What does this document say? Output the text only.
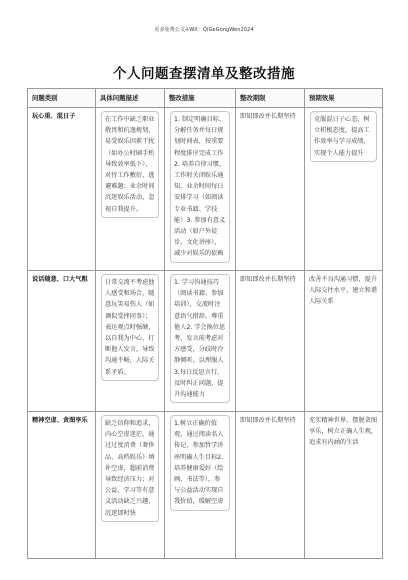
更多免费公文+WX：QiGeGongWen2024
个人问题查摆清单及整改措施
问题类别	具体问题描述	整改措施	整改期限	预期效果
玩心重、混日子	在工作中缺乏职业敬畏和抗逸规划，易受娱乐因素干扰（如办公时刷手机导致效率低下），对待工作敷衍、逃避难题；业余时间沉迷娱乐活动，忽视自我提升。	1. 制定明确目标，分解任务并每日规划时间表，按重要程度排序完成工作2. 培养自律习惯，工作时关闭娱乐通知，业余时间每日安排学习（如阅读专业书籍、学技能）3. 参加有意义活动（如户外徒步、文化讲座），减少对娱乐的依赖	即知即改并长期坚持	克服混日子心态，树立积极态度，提高工作效率与学习成绩，实现个人能力提升

说话随意、口大气粗	日常交流不考虑他人感受和场合，随意玩笑易伤人（如调侃受挫同事）；表达观点时强硬，以自我为中心，打断他人发言，导致沟通不畅，人际关系矛盾。	1. 学习沟通技巧（阅读书籍、参加培训），交流时注意语气措辞，尊重他人2. 学会换位思考，发言前考虑对方感受，分歧时冷静倾听，以理服人3.每日反思言行，及时纠正问题，提升沟通能力	即知即改并长期坚持	改善不良沟通习惯，提升人际交往水平，建立和谐人际关系
精神空虚、贪图享乐	缺乏信仰和追求，内心空虚迷茫，通过过度消费（奢侈品、高档娱乐）填补空虚，超前消费导致经济压力；对公益、学习等有意义活动缺乏兴趣，沉迷即时快	1.树立正确价值观，通过阅读名人传记、参加哲学讲座明确人生目标2. 培养健康爱好（绘画、书法等），参与公益活动实现自我价值，缓解空虚	即知即改并长期坚持	充实精神世界，摆脱贪图享乐，树立正确人生观，追求有内涵的生活
